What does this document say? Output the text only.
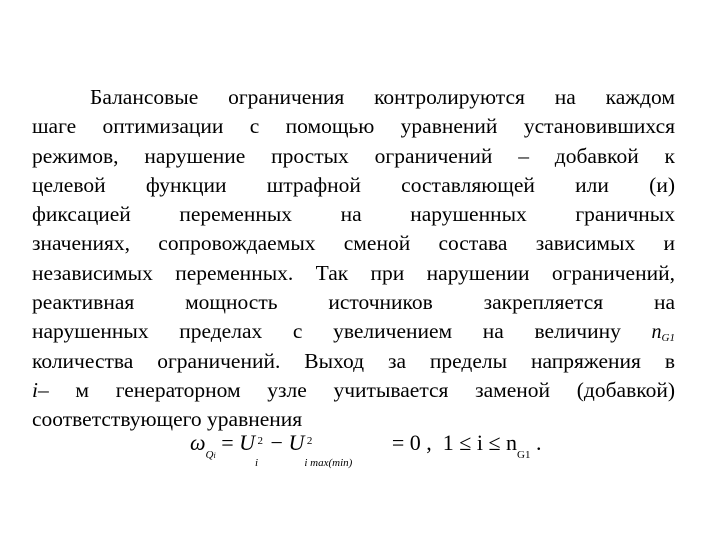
Балансовые ограничения контролируются на каждом
шаге оптимизации с помощью уравнений установившихся
режимов, нарушение простых ограничений – добавкой к
целевой функции штрафной составляющей или (и)
фиксацией переменных на нарушенных граничных
значениях, сопровождаемых сменой состава зависимых и
независимых переменных. Так при нарушении ограничений,
реактивная мощность источников закрепляется на
нарушенных пределах с увеличением на величину nG1
количества ограничений. Выход за пределы напряжения в
i– м генераторном узле учитывается заменой (добавкой)
соответствующего уравнения
$\omega_{Qi} = U$ 2
i
− U 2
i max(min)
= 0 , $1 \le i \le n_{G1}$ .
